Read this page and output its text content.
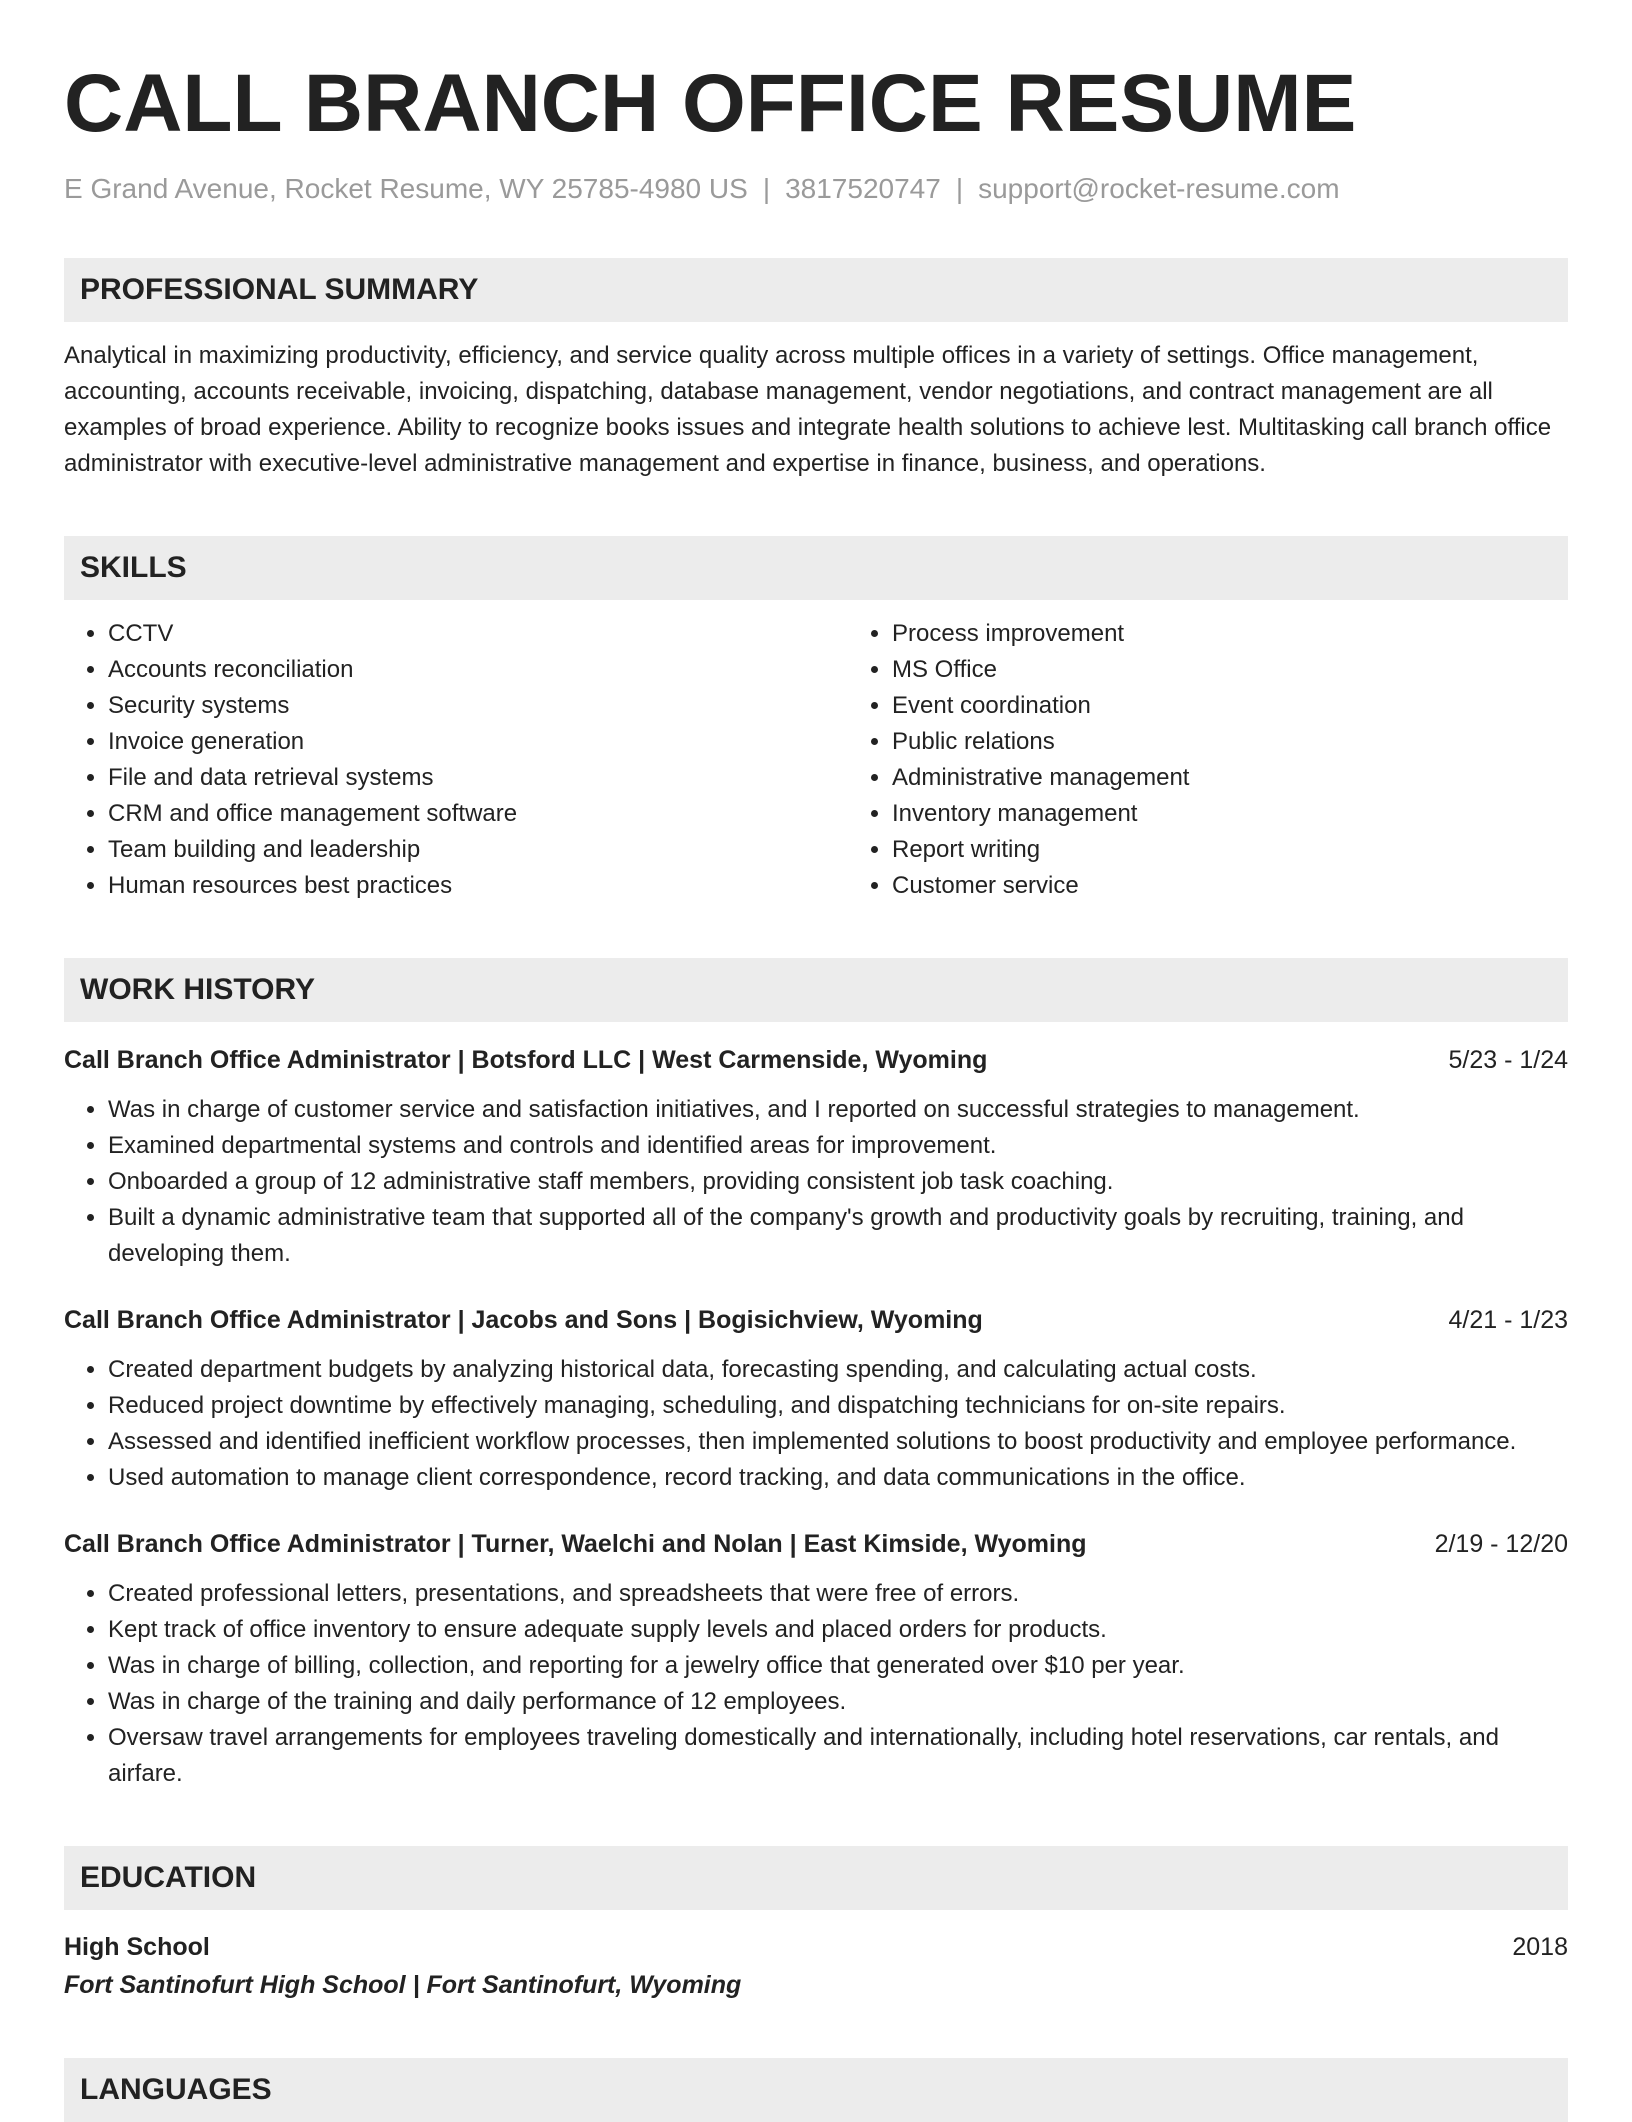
CALL BRANCH OFFICE RESUME
E Grand Avenue, Rocket Resume, WY 25785-4980 US | 3817520747 | support@rocket-resume.com
PROFESSIONAL SUMMARY
Analytical in maximizing productivity, efficiency, and service quality across multiple offices in a variety of settings. Office management, accounting, accounts receivable, invoicing, dispatching, database management, vendor negotiations, and contract management are all examples of broad experience. Ability to recognize books issues and integrate health solutions to achieve lest. Multitasking call branch office administrator with executive-level administrative management and expertise in finance, business, and operations.
SKILLS
• CCTV
• Accounts reconciliation
• Security systems
• Invoice generation
• File and data retrieval systems
• CRM and office management software
• Team building and leadership
• Human resources best practices
• Process improvement
• MS Office
• Event coordination
• Public relations
• Administrative management
• Inventory management
• Report writing
• Customer service
WORK HISTORY
Call Branch Office Administrator | Botsford LLC | West Carmenside, Wyoming	5/23 - 1/24
• Was in charge of customer service and satisfaction initiatives, and I reported on successful strategies to management.
• Examined departmental systems and controls and identified areas for improvement.
• Onboarded a group of 12 administrative staff members, providing consistent job task coaching.
• Built a dynamic administrative team that supported all of the company's growth and productivity goals by recruiting, training, and developing them.
Call Branch Office Administrator | Jacobs and Sons | Bogisichview, Wyoming	4/21 - 1/23
• Created department budgets by analyzing historical data, forecasting spending, and calculating actual costs.
• Reduced project downtime by effectively managing, scheduling, and dispatching technicians for on-site repairs.
• Assessed and identified inefficient workflow processes, then implemented solutions to boost productivity and employee performance.
• Used automation to manage client correspondence, record tracking, and data communications in the office.
Call Branch Office Administrator | Turner, Waelchi and Nolan | East Kimside, Wyoming	2/19 - 12/20
• Created professional letters, presentations, and spreadsheets that were free of errors.
• Kept track of office inventory to ensure adequate supply levels and placed orders for products.
• Was in charge of billing, collection, and reporting for a jewelry office that generated over $10 per year.
• Was in charge of the training and daily performance of 12 employees.
• Oversaw travel arrangements for employees traveling domestically and internationally, including hotel reservations, car rentals, and airfare.
EDUCATION
High School	2018
Fort Santinofurt High School | Fort Santinofurt, Wyoming
LANGUAGES
